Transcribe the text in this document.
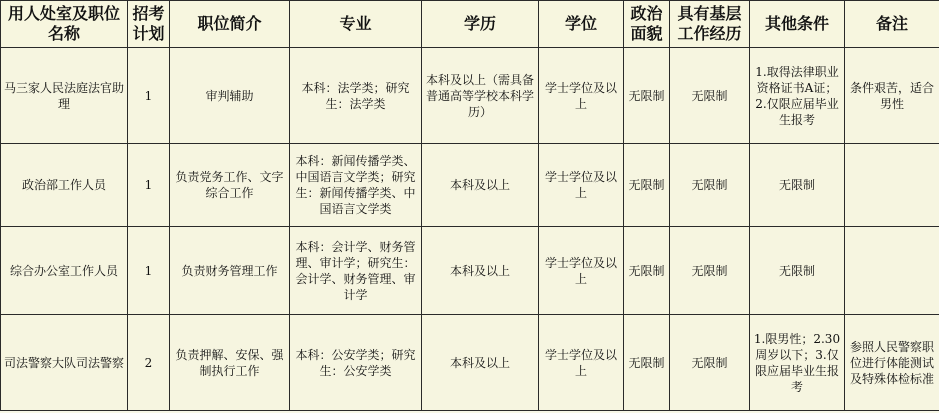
用人处室及职位名称	招考计划	职位简介	专业	学历	学位	政治面貌	具有基层工作经历	其他条件	备注
马三家人民法庭法官助理	1	审判辅助	本科：法学类；研究生：法学类	本科及以上（需具备普通高等学校本科学历）	学士学位及以上	无限制	无限制	1.取得法律职业资格证书A证；2.仅限应届毕业生报考	条件艰苦，适合男性
政治部工作人员	1	负责党务工作、文字综合工作	本科：新闻传播学类、中国语言文学类；研究生：新闻传播学类、中国语言文学类	本科及以上	学士学位及以上	无限制	无限制	无限制	
综合办公室工作人员	1	负责财务管理工作	本科：会计学、财务管理、审计学；研究生：会计学、财务管理、审计学	本科及以上	学士学位及以上	无限制	无限制	无限制	
司法警察大队司法警察	2	负责押解、安保、强制执行工作	本科：公安学类；研究生：公安学类	本科及以上	学士学位及以上	无限制	无限制	1.限男性；2.30周岁以下；3.仅限应届毕业生报考	参照人民警察职位进行体能测试及特殊体检标准
